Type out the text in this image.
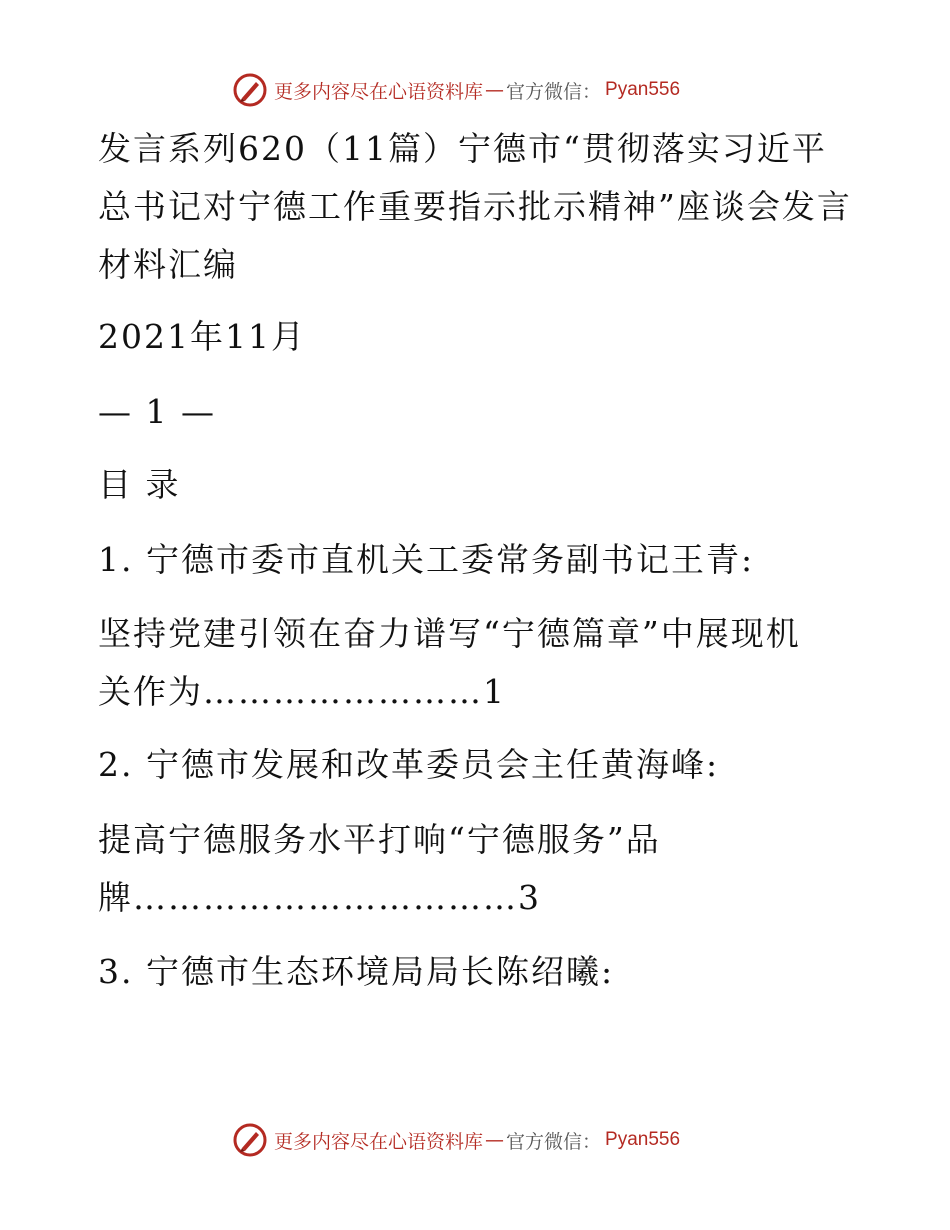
更多内容尽在心语资料库 — 官方微信： Pyan556
发言系列620（11篇）宁德市“贯彻落实习近平
总书记对宁德工作重要指示批示精神”座谈会发言
材料汇编
2021年11月
— 1 —
目 录
1. 宁德市委市直机关工委常务副书记王青:
坚持党建引领在奋力谱写“宁德篇章”中展现机
关作为……………………1
2. 宁德市发展和改革委员会主任黄海峰:
提高宁德服务水平打响“宁德服务”品
牌……………………………3
3. 宁德市生态环境局局长陈绍曦:
更多内容尽在心语资料库 — 官方微信： Pyan556
